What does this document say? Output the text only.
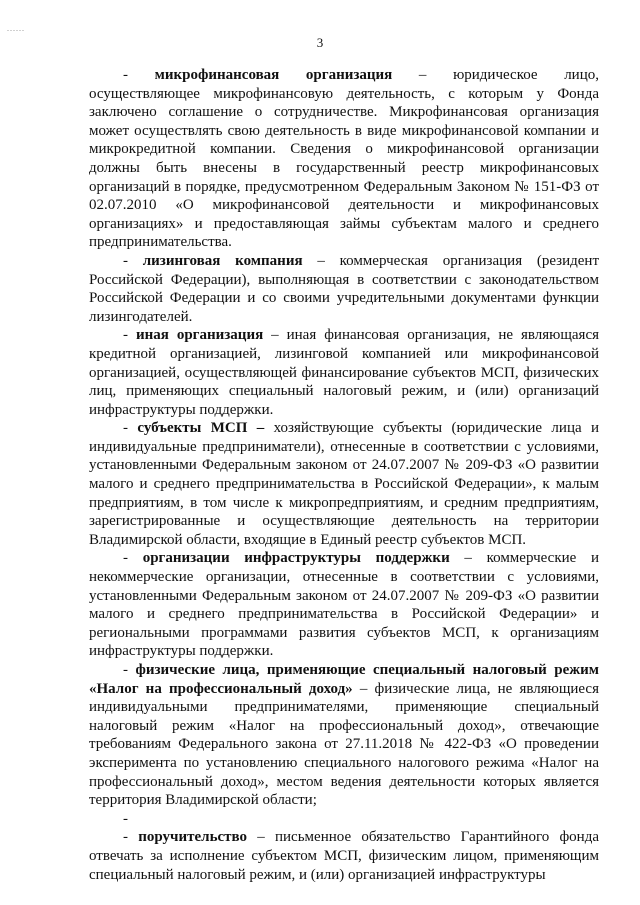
......
3

- микрофинансовая организация – юридическое лицо, осуществляющее микрофинансовую деятельность, с которым у Фонда заключено соглашение о сотрудничестве. Микрофинансовая организация может осуществлять свою деятельность в виде микрофинансовой компании и микрокредитной компании. Сведения о микрофинансовой организации должны быть внесены в государственный реестр микрофинансовых организаций в порядке, предусмотренном Федеральным Законом № 151-ФЗ от 02.07.2010 «О микрофинансовой деятельности и микрофинансовых организациях» и предоставляющая займы субъектам малого и среднего предпринимательства.

- лизинговая компания – коммерческая организация (резидент Российской Федерации), выполняющая в соответствии с законодательством Российской Федерации и со своими учредительными документами функции лизингодателей.

- иная организация – иная финансовая организация, не являющаяся кредитной организацией, лизинговой компанией или микрофинансовой организацией, осуществляющей финансирование субъектов МСП, физических лиц, применяющих специальный налоговый режим, и (или) организаций инфраструктуры поддержки.

- субъекты МСП – хозяйствующие субъекты (юридические лица и индивидуальные предприниматели), отнесенные в соответствии с условиями, установленными Федеральным законом от 24.07.2007 № 209-ФЗ «О развитии малого и среднего предпринимательства в Российской Федерации», к малым предприятиям, в том числе к микропредприятиям, и средним предприятиям, зарегистрированные и осуществляющие деятельность на территории Владимирской области, входящие в Единый реестр субъектов МСП.

- организации инфраструктуры поддержки – коммерческие и некоммерческие организации, отнесенные в соответствии с условиями, установленными Федеральным законом от 24.07.2007 № 209-ФЗ «О развитии малого и среднего предпринимательства в Российской Федерации» и региональными программами развития субъектов МСП, к организациям инфраструктуры поддержки.

- физические лица, применяющие специальный налоговый режим «Налог на профессиональный доход» – физические лица, не являющиеся индивидуальными предпринимателями, применяющие специальный налоговый режим «Налог на профессиональный доход», отвечающие требованиям Федерального закона от 27.11.2018 № 422-ФЗ «О проведении эксперимента по установлению специального налогового режима «Налог на профессиональный доход», местом ведения деятельности которых является территория Владимирской области;

-

- поручительство – письменное обязательство Гарантийного фонда отвечать за исполнение субъектом МСП, физическим лицом, применяющим специальный налоговый режим, и (или) организацией инфраструктуры
